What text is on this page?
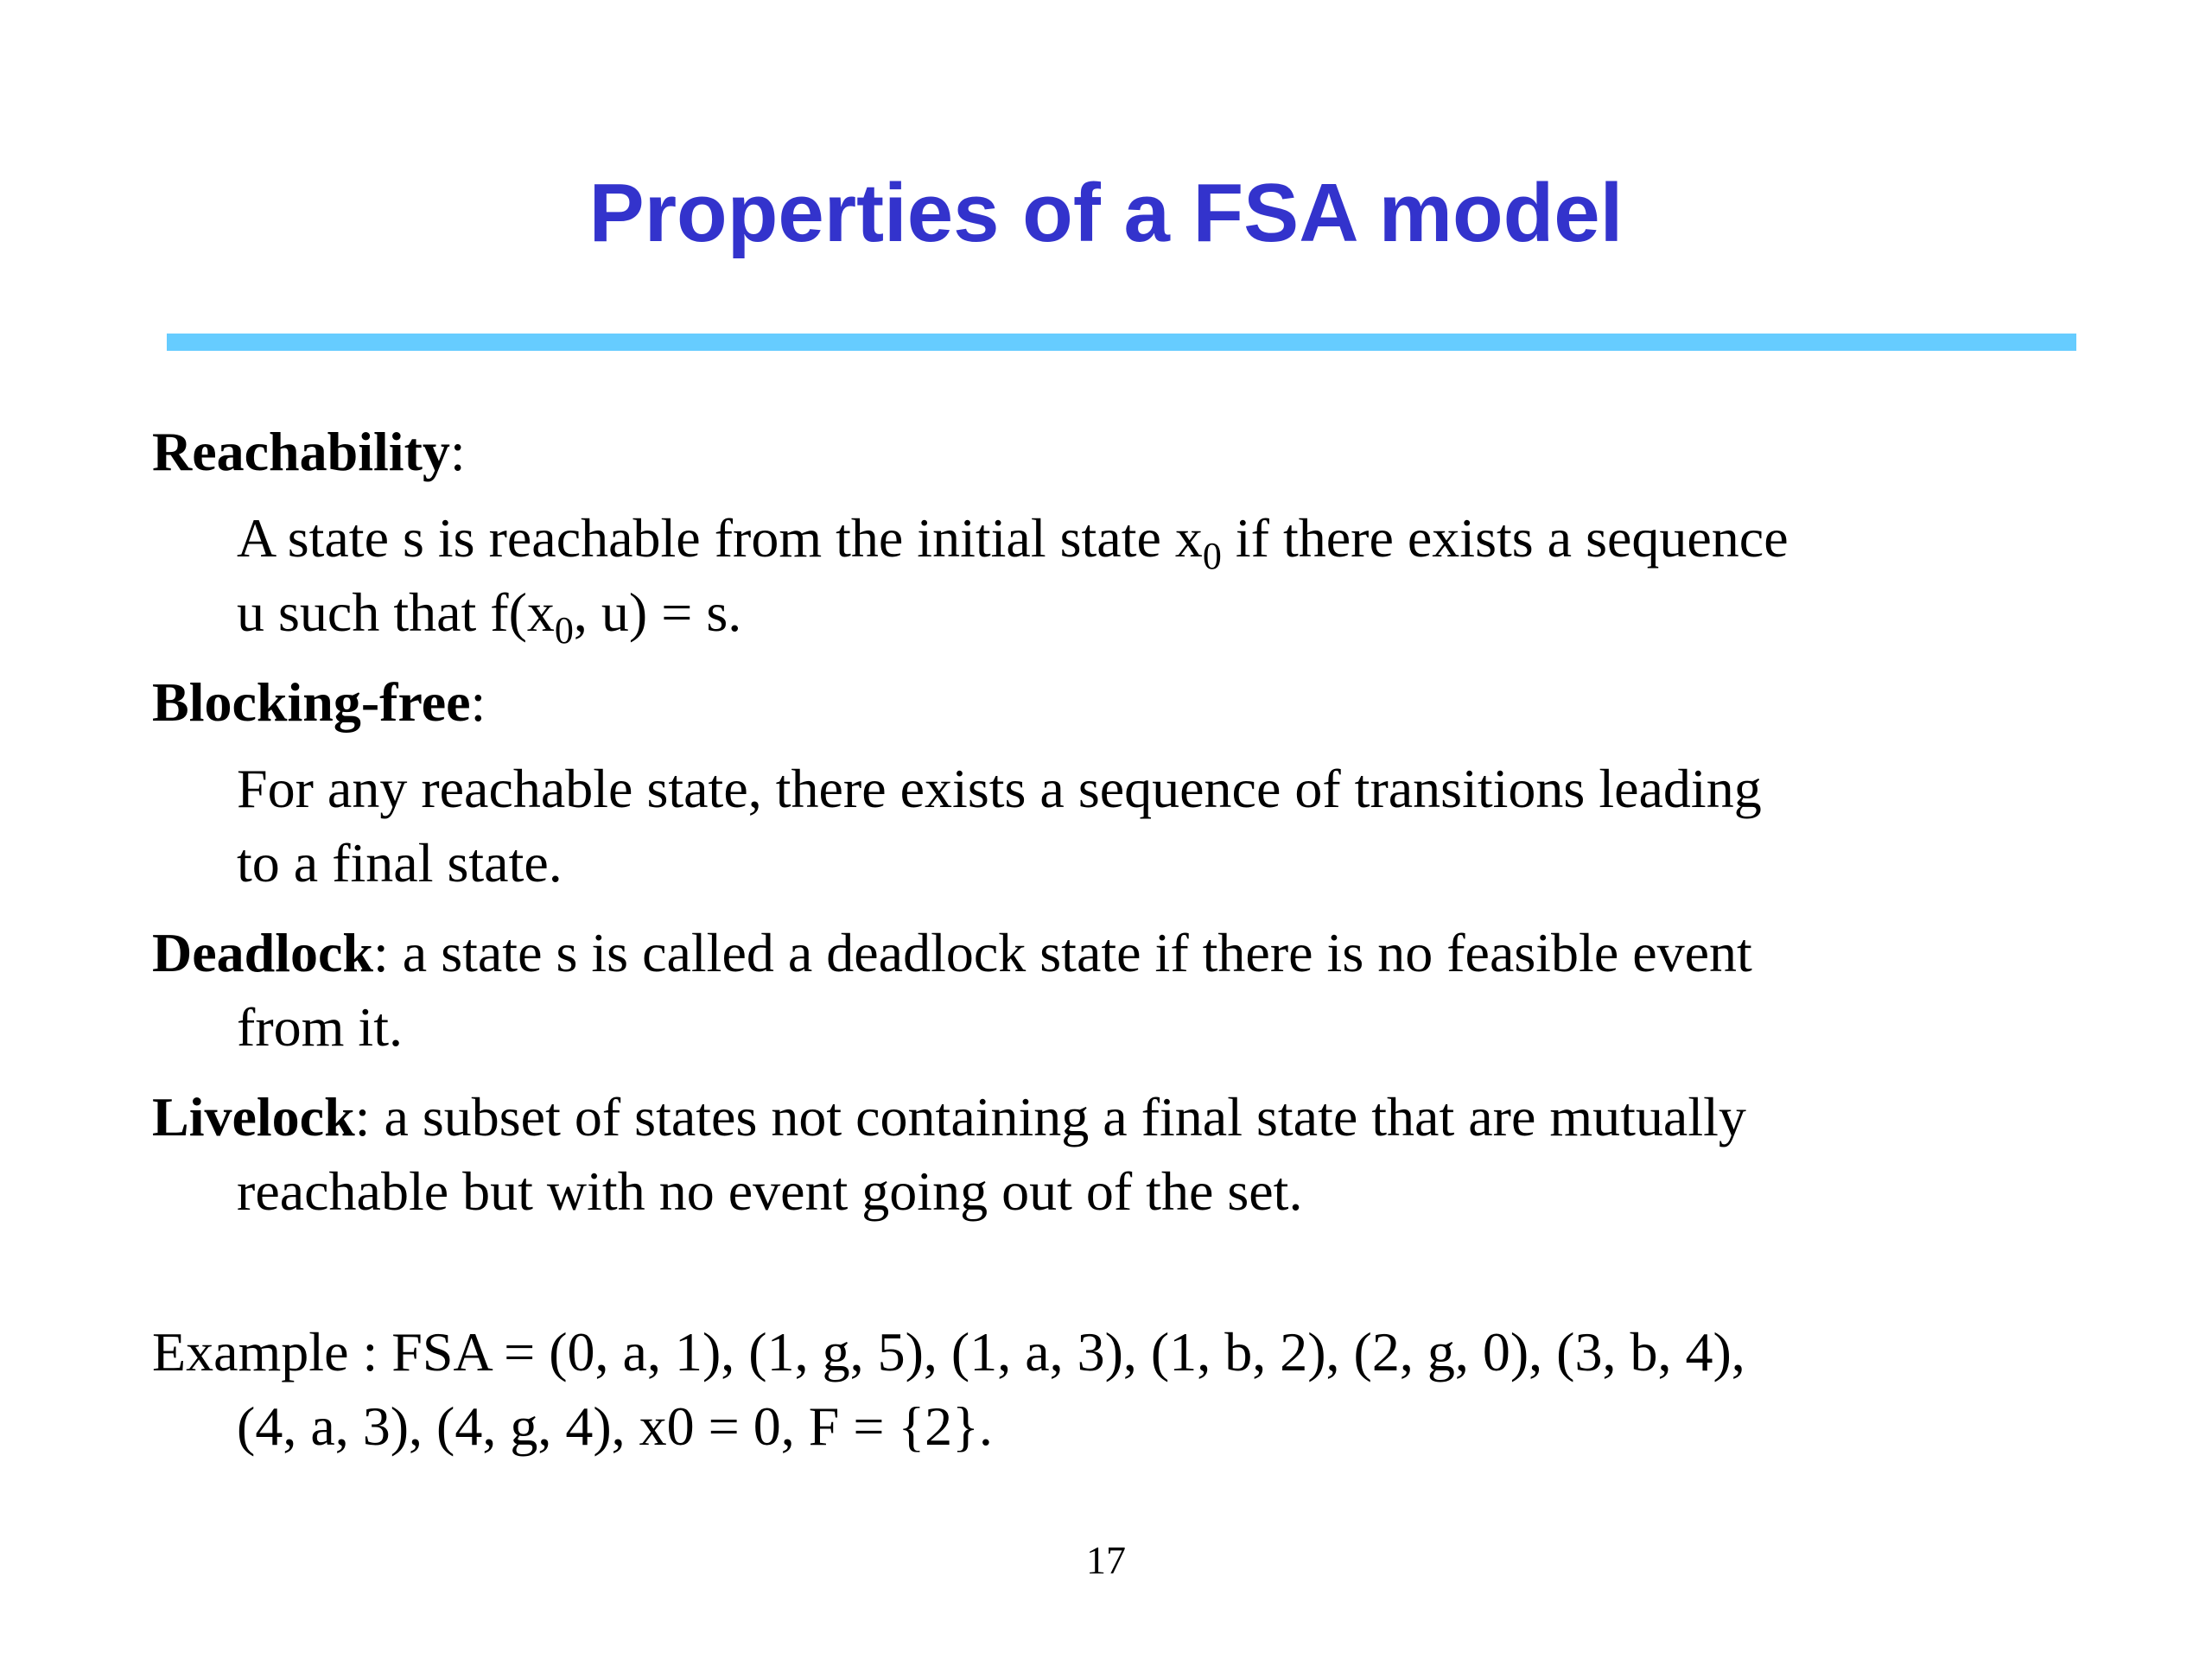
Properties of a FSA model

Reachability:

A state s is reachable from the initial state $x_0$ if there exists a sequence

u such that $f(x_0$, u) = s.

Blocking-free:

For any reachable state, there exists a sequence of transitions leading

to a final state.

Deadlock: a state s is called a deadlock state if there is no feasible event

from it.

Livelock: a subset of states not containing a final state that are mutually

reachable but with no event going out of the set.

Example : FSA = (0, a, 1), (1, g, 5), (1, a, 3), (1, b, 2), (2, g, 0), (3, b, 4),

(4, a, 3), (4, g, 4), x0 = 0, F = {2}.

17
